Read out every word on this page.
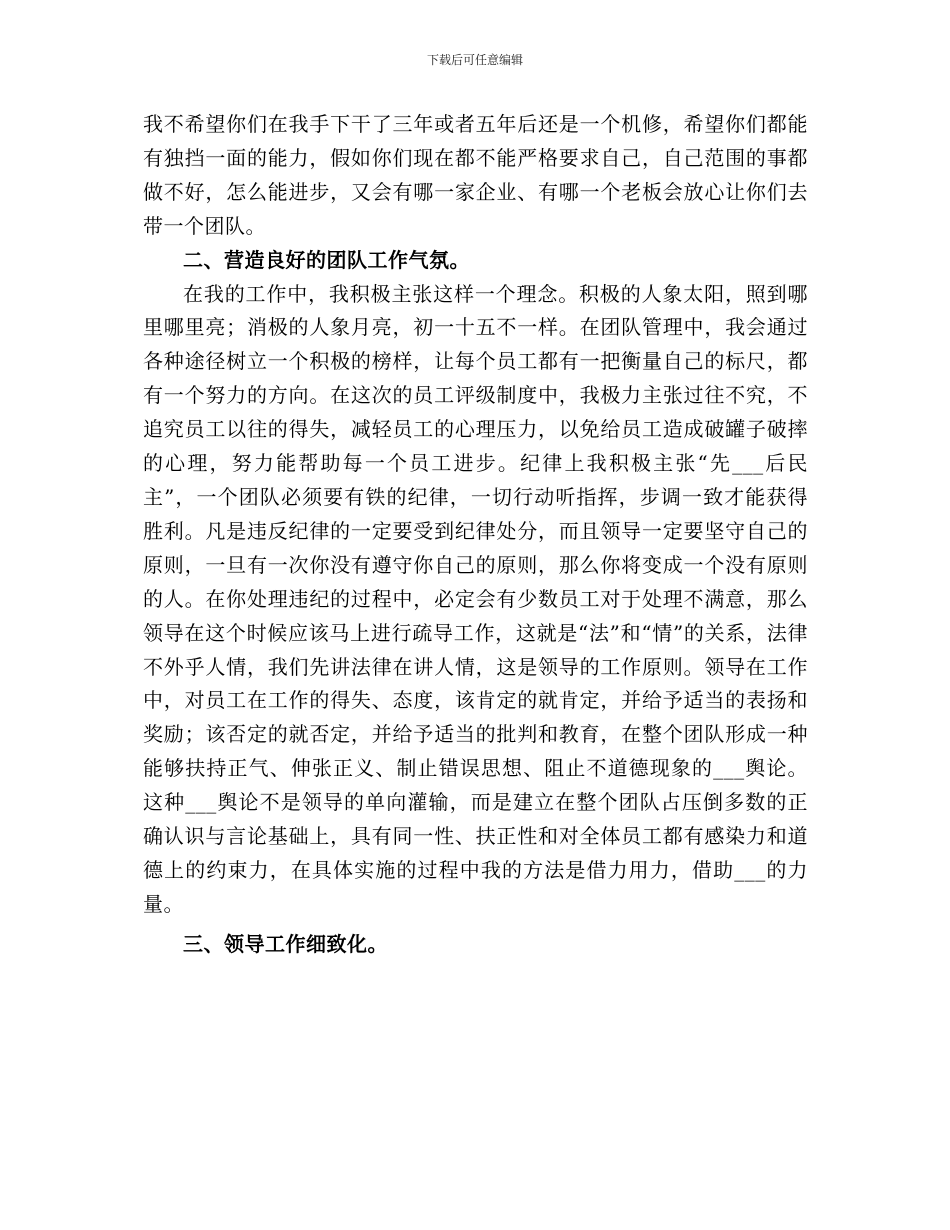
下载后可任意编辑

我不希望你们在我手下干了三年或者五年后还是一个机修，希望你们都能有独挡一面的能力，假如你们现在都不能严格要求自己，自己范围的事都做不好，怎么能进步，又会有哪一家企业、有哪一个老板会放心让你们去带一个团队。

二、营造良好的团队工作气氛。

在我的工作中，我积极主张这样一个理念。积极的人象太阳，照到哪里哪里亮；消极的人象月亮，初一十五不一样。在团队管理中，我会通过各种途径树立一个积极的榜样，让每个员工都有一把衡量自己的标尺，都有一个努力的方向。在这次的员工评级制度中，我极力主张过往不究，不追究员工以往的得失，减轻员工的心理压力，以免给员工造成破罐子破摔的心理，努力能帮助每一个员工进步。纪律上我积极主张“先___后民主”，一个团队必须要有铁的纪律，一切行动听指挥，步调一致才能获得胜利。凡是违反纪律的一定要受到纪律处分，而且领导一定要坚守自己的原则，一旦有一次你没有遵守你自己的原则，那么你将变成一个没有原则的人。在你处理违纪的过程中，必定会有少数员工对于处理不满意，那么领导在这个时候应该马上进行疏导工作，这就是“法”和“情”的关系，法律不外乎人情，我们先讲法律在讲人情，这是领导的工作原则。领导在工作中，对员工在工作的得失、态度，该肯定的就肯定，并给予适当的表扬和奖励；该否定的就否定，并给予适当的批判和教育，在整个团队形成一种能够扶持正气、伸张正义、制止错误思想、阻止不道德现象的___舆论。这种___舆论不是领导的单向灌输，而是建立在整个团队占压倒多数的正确认识与言论基础上，具有同一性、扶正性和对全体员工都有感染力和道德上的约束力，在具体实施的过程中我的方法是借力用力，借助___的力量。

三、领导工作细致化。
